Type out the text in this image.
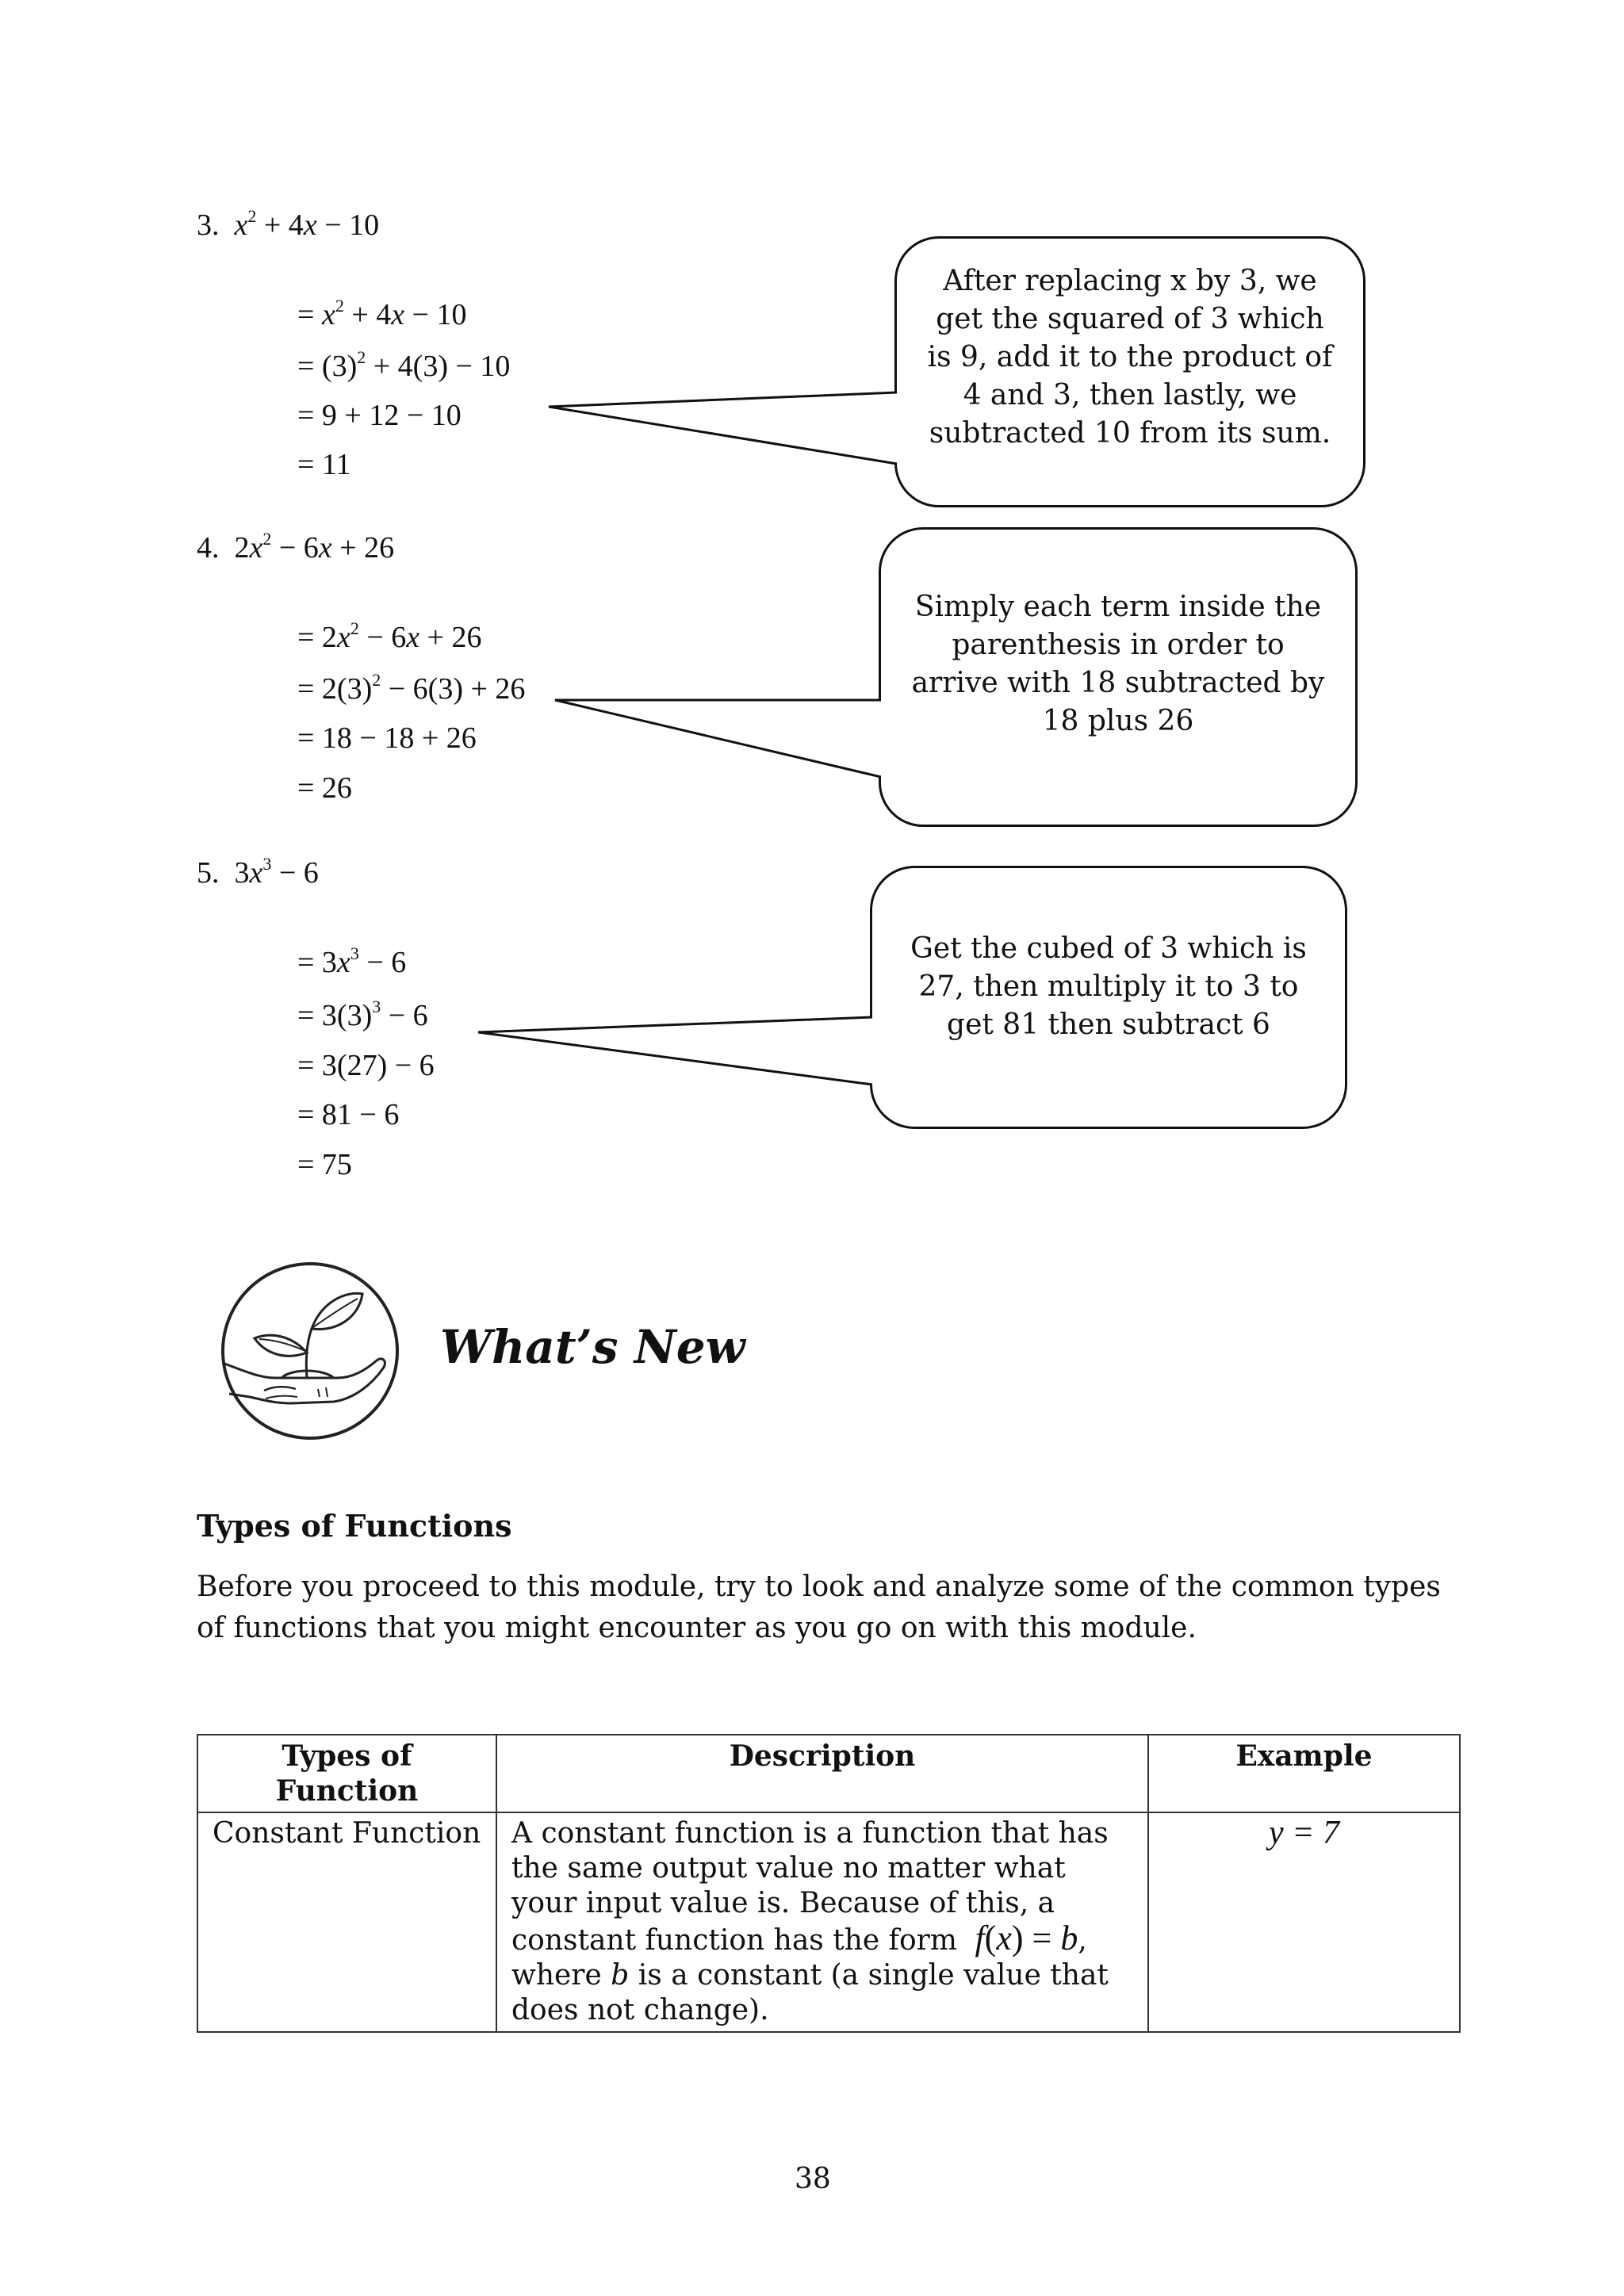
3. $x^2 + 4x - 10$
= $x^2 + 4x - 10$
= $(3)^2 + 4(3) - 10$
= 9 + 12 − 10
= 11
After replacing x by 3, we get the squared of 3 which is 9, add it to the product of 4 and 3, then lastly, we subtracted 10 from its sum.
4.  $2x^2 - 6x + 26$
= $2x^2 - 6x + 26$
= $2(3)^2 - 6(3) + 26$
= 18 − 18 + 26
= 26
Simply each term inside the parenthesis in order to arrive with 18 subtracted by 18 plus 26
5.  $3x^3 - 6$
= $3x^3 - 6$
= $3(3)^3 - 6$
= 3(27) − 6
= 81 − 6
= 75
Get the cubed of 3 which is 27, then multiply it to 3 to get 81 then subtract 6
What’s New
Types of Functions
Before you proceed to this module, try to look and analyze some of the common types of functions that you might encounter as you go on with this module.
Types of Function	Description	Example
Constant Function	A constant function is a function that has the same output value no matter what your input value is. Because of this, a constant function has the form f(x) = b, where b is a constant (a single value that does not change).	y = 7
38
